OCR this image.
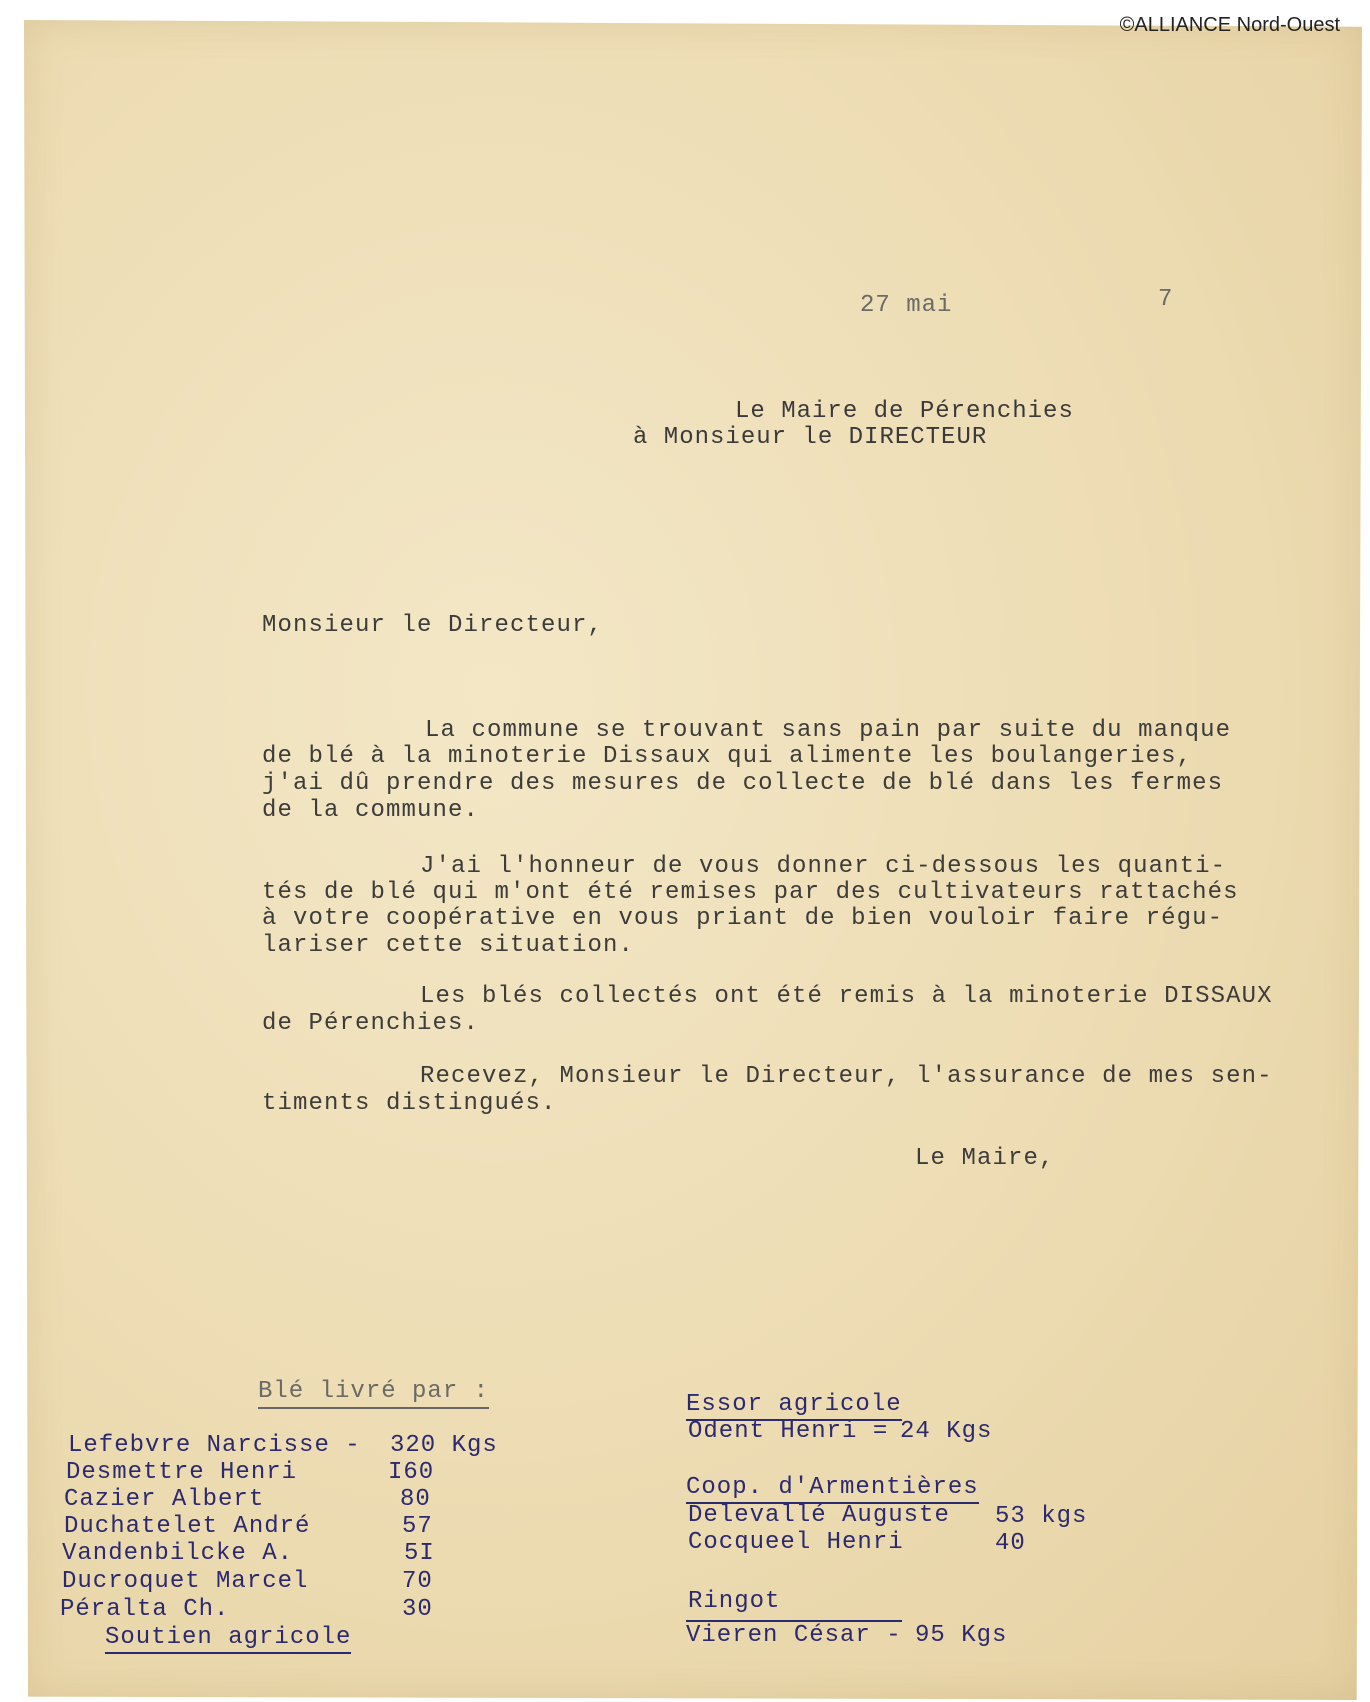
©ALLIANCE Nord-Ouest
27 mai	7
Le Maire de Pérenchies
à Monsieur le DIRECTEUR
Monsieur le Directeur,
La commune se trouvant sans pain par suite du manque
de blé à la minoterie Dissaux qui alimente les boulangeries,
j'ai dû prendre des mesures de collecte de blé dans les fermes
de la commune.
J'ai l'honneur de vous donner ci-dessous les quanti-
tés de blé qui m'ont été remises par des cultivateurs rattachés
à votre coopérative en vous priant de bien vouloir faire régu-
lariser cette situation.
Les blés collectés ont été remis à la minoterie DISSAUX
de Pérenchies.
Recevez, Monsieur le Directeur, l'assurance de mes sen-
timents distingués.
Le Maire,
Blé livré par :
Lefebvre Narcisse - 320 Kgs
Desmettre Henri	I60
Cazier Albert	80
Duchatelet André	57
Vandenbilcke A.	5I
Ducroquet Marcel	70
Péralta Ch.	30
Soutien agricole
Essor agricole
Odent Henri = 24 Kgs
Coop. d'Armentières
Delevallé Auguste 53 kgs
Cocqueel Henri	40
Ringot
Vieren César - 95 Kgs
